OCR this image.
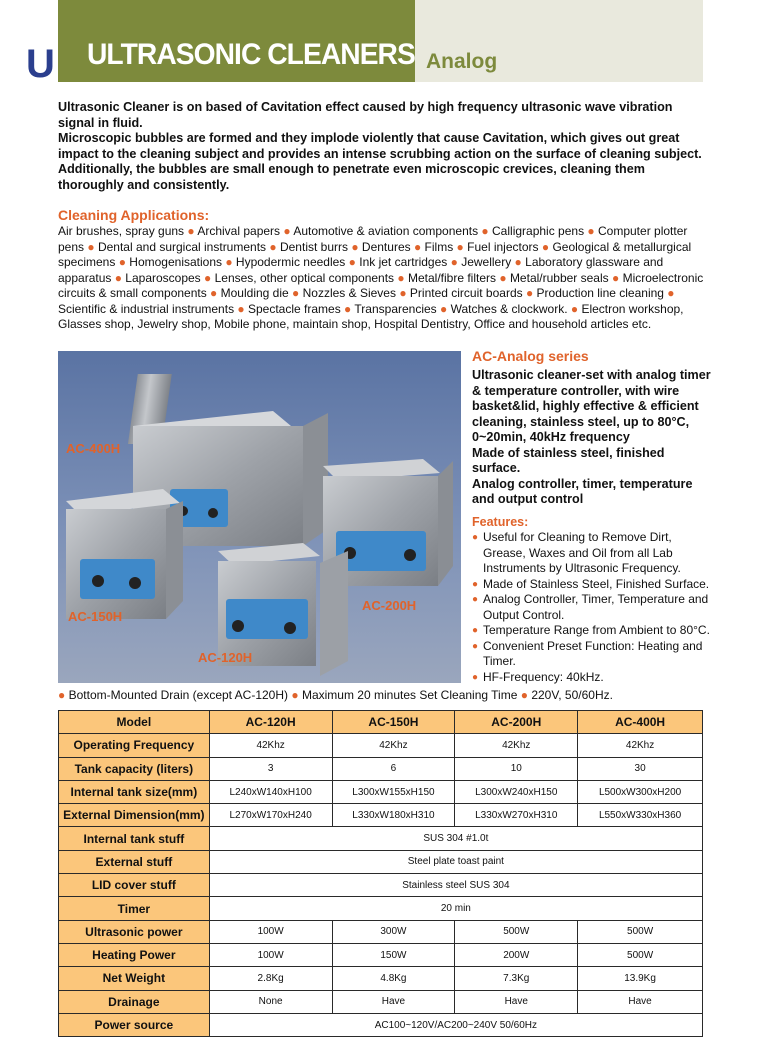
U ULTRASONIC CLEANERS Analog

Ultrasonic Cleaner is on based of Cavitation effect caused by high frequency ultrasonic wave vibration signal in fluid.

Microscopic bubbles are formed and they implode violently that cause Cavitation, which gives out great impact to the cleaning subject and provides an intense scrubbing action on the surface of cleaning subject. Additionally, the bubbles are small enough to penetrate even microscopic crevices, cleaning them thoroughly and consistently.

Cleaning Applications:
Air brushes, spray guns ● Archival papers ● Automotive & aviation components ● Calligraphic pens ● Computer plotter pens ● Dental and surgical instruments ● Dentist burrs ● Dentures ● Films ● Fuel injectors ● Geological & metallurgical specimens ● Homogenisations ● Hypodermic needles ● Ink jet cartridges ● Jewellery ● Laboratory glassware and apparatus ● Laparoscopes ● Lenses, other optical components ● Metal/fibre filters ● Metal/rubber seals ● Microelectronic circuits & small components ● Moulding die ● Nozzles & Sieves ● Printed circuit boards ● Production line cleaning ● Scientific & industrial instruments ● Spectacle frames ● Transparencies ● Watches & clockwork. ● Electron workshop, Glasses shop, Jewelry shop, Mobile phone, maintain shop, Hospital Dentistry, Office and household articles etc.
AC-400H
AC-150H
AC-200H
AC-120H
AC-Analog series

Ultrasonic cleaner-set with analog timer & temperature controller, with wire basket&lid, highly effective & efficient cleaning, stainless steel, up to 80°C, 0~20min, 40kHz frequency

Made of stainless steel, finished surface.

Analog controller, timer, temperature and output control

Features:
● Useful for Cleaning to Remove Dirt, Grease, Waxes and Oil from all Lab Instruments by Ultrasonic Frequency.
● Made of Stainless Steel, Finished Surface.
● Analog Controller, Timer, Temperature and Output Control.
● Temperature Range from Ambient to 80°C.
● Convenient Preset Function: Heating and Timer.
● HF-Frequency: 40kHz.
● Bottom-Mounted Drain (except AC-120H) ● Maximum 20 minutes Set Cleaning Time ● 220V, 50/60Hz.
Model	AC-120H	AC-150H	AC-200H	AC-400H
Operating Frequency	42Khz	42Khz	42Khz	42Khz
Tank capacity (liters)	3	6	10	30
Internal tank size(mm)	L240xW140xH100	L300xW155xH150	L300xW240xH150	L500xW300xH200
External Dimension(mm)	L270xW170xH240	L330xW180xH310	L330xW270xH310	L550xW330xH360
Internal tank stuff	SUS 304 #1.0t			
External stuff	Steel plate toast paint			
LID cover stuff	Stainless steel SUS 304			
Timer	20 min			
Ultrasonic power	100W	300W	500W	500W
Heating Power	100W	150W	200W	500W
Net Weight	2.8Kg	4.8Kg	7.3Kg	13.9Kg
Drainage	None	Have	Have	Have
Power source	AC100~120V/AC200~240V 50/60Hz			
